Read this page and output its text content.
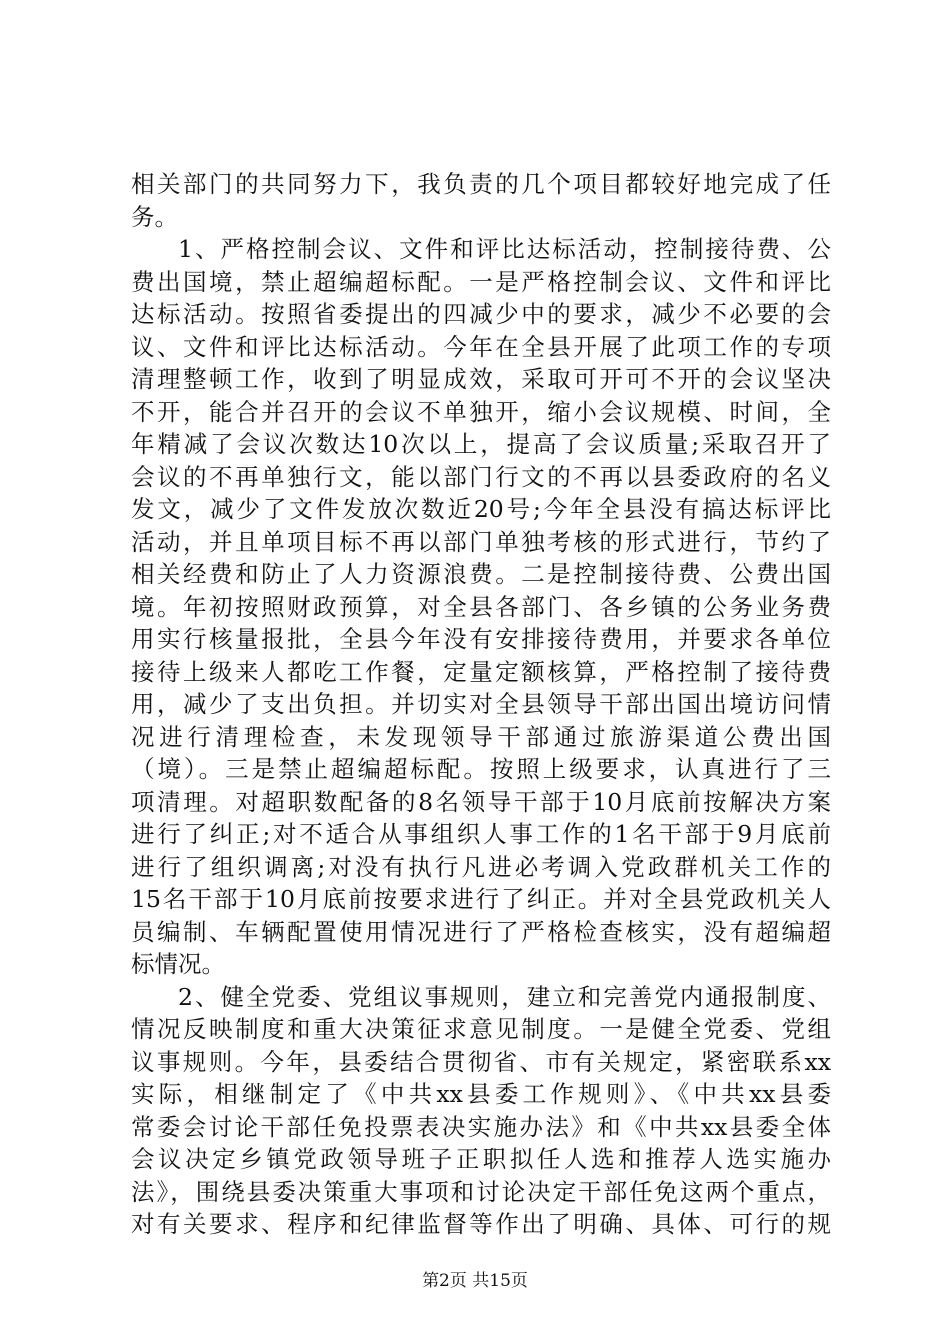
相关部门的共同努力下，我负责的几个项目都较好地完成了任
务。
1、严格控制会议、文件和评比达标活动，控制接待费、公
费出国境，禁止超编超标配。一是严格控制会议、文件和评比
达标活动。按照省委提出的四减少中的要求，减少不必要的会
议、文件和评比达标活动。今年在全县开展了此项工作的专项
清理整顿工作，收到了明显成效，采取可开可不开的会议坚决
不开，能合并召开的会议不单独开，缩小会议规模、时间，全
年精减了会议次数达10次以上，提高了会议质量;采取召开了
会议的不再单独行文，能以部门行文的不再以县委政府的名义
发文，减少了文件发放次数近20号;今年全县没有搞达标评比
活动，并且单项目标不再以部门单独考核的形式进行，节约了
相关经费和防止了人力资源浪费。二是控制接待费、公费出国
境。年初按照财政预算，对全县各部门、各乡镇的公务业务费
用实行核量报批，全县今年没有安排接待费用，并要求各单位
接待上级来人都吃工作餐，定量定额核算，严格控制了接待费
用，减少了支出负担。并切实对全县领导干部出国出境访问情
况进行清理检查，未发现领导干部通过旅游渠道公费出国
（境）。三是禁止超编超标配。按照上级要求，认真进行了三
项清理。对超职数配备的8名领导干部于10月底前按解决方案
进行了纠正;对不适合从事组织人事工作的1名干部于9月底前
进行了组织调离;对没有执行凡进必考调入党政群机关工作的
15名干部于10月底前按要求进行了纠正。并对全县党政机关人
员编制、车辆配置使用情况进行了严格检查核实，没有超编超
标情况。
2、健全党委、党组议事规则，建立和完善党内通报制度、
情况反映制度和重大决策征求意见制度。一是健全党委、党组
议事规则。今年，县委结合贯彻省、市有关规定，紧密联系xx
实际，相继制定了《中共xx县委工作规则》、《中共xx县委
常委会讨论干部任免投票表决实施办法》和《中共xx县委全体
会议决定乡镇党政领导班子正职拟任人选和推荐人选实施办
法》，围绕县委决策重大事项和讨论决定干部任免这两个重点，
对有关要求、程序和纪律监督等作出了明确、具体、可行的规
第2页 共15页
